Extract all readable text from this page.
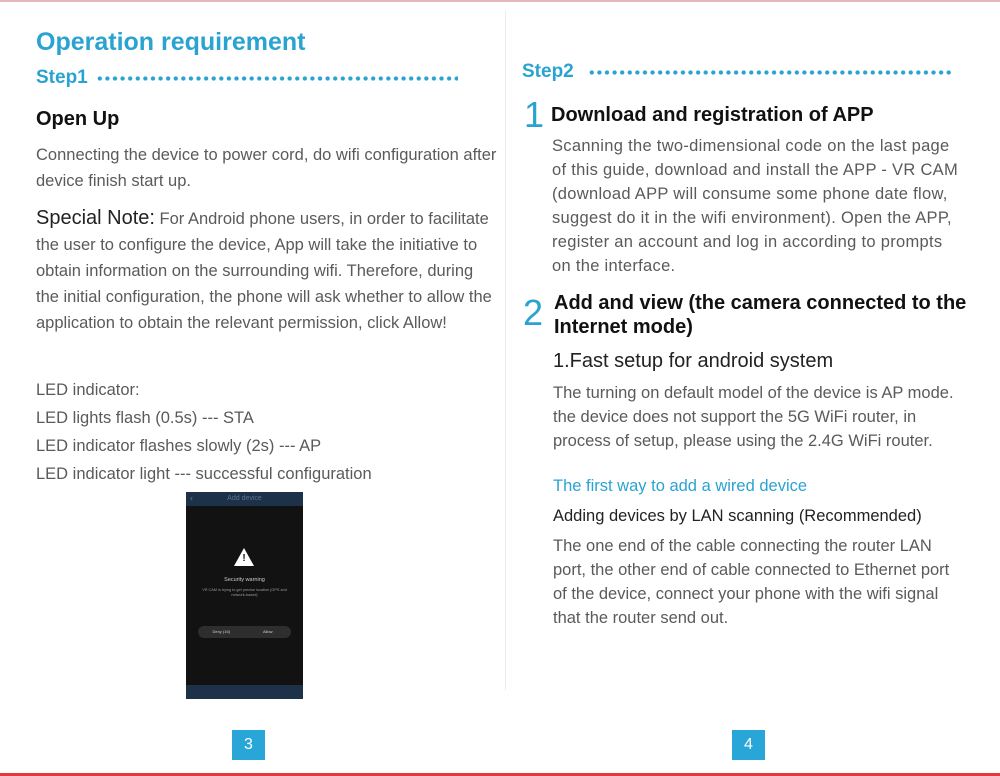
Operation requirement
Step1
Open Up

Connecting the device to power cord, do wifi configuration after device finish start up.

Special Note: For Android phone users, in order to facilitate the user to configure the device, App will take the initiative to obtain information on the surrounding wifi. Therefore, during the initial configuration, the phone will ask whether to allow the application to obtain the relevant permission, click Allow!

LED indicator:
LED lights flash (0.5s) --- STA
LED indicator flashes slowly (2s) --- AP
LED indicator light --- successful configuration
‹	Add device
!
Security warning
VR CAM is trying to get precise location (GPS and network-based)
Deny (16)	Allow
3
Step2
1 Download and registration of APP
Scanning the two-dimensional code on the last page
of this guide, download and install the APP - VR CAM
(download APP will consume some phone date flow,
suggest do it in the wifi environment). Open the APP,
register an account and log in according to prompts
on the interface.
2 Add and view (the camera connected to the
Internet mode)
1.Fast setup for android system
The turning on default model of the device is AP mode.
the device does not support the 5G WiFi router, in
process of setup, please using the 2.4G WiFi router.
The first way to add a wired device
Adding devices by LAN scanning (Recommended)
The one end of the cable connecting the router LAN
port, the other end of cable connected to Ethernet port
of the device, connect your phone with the wifi signal
that the router send out.
4
